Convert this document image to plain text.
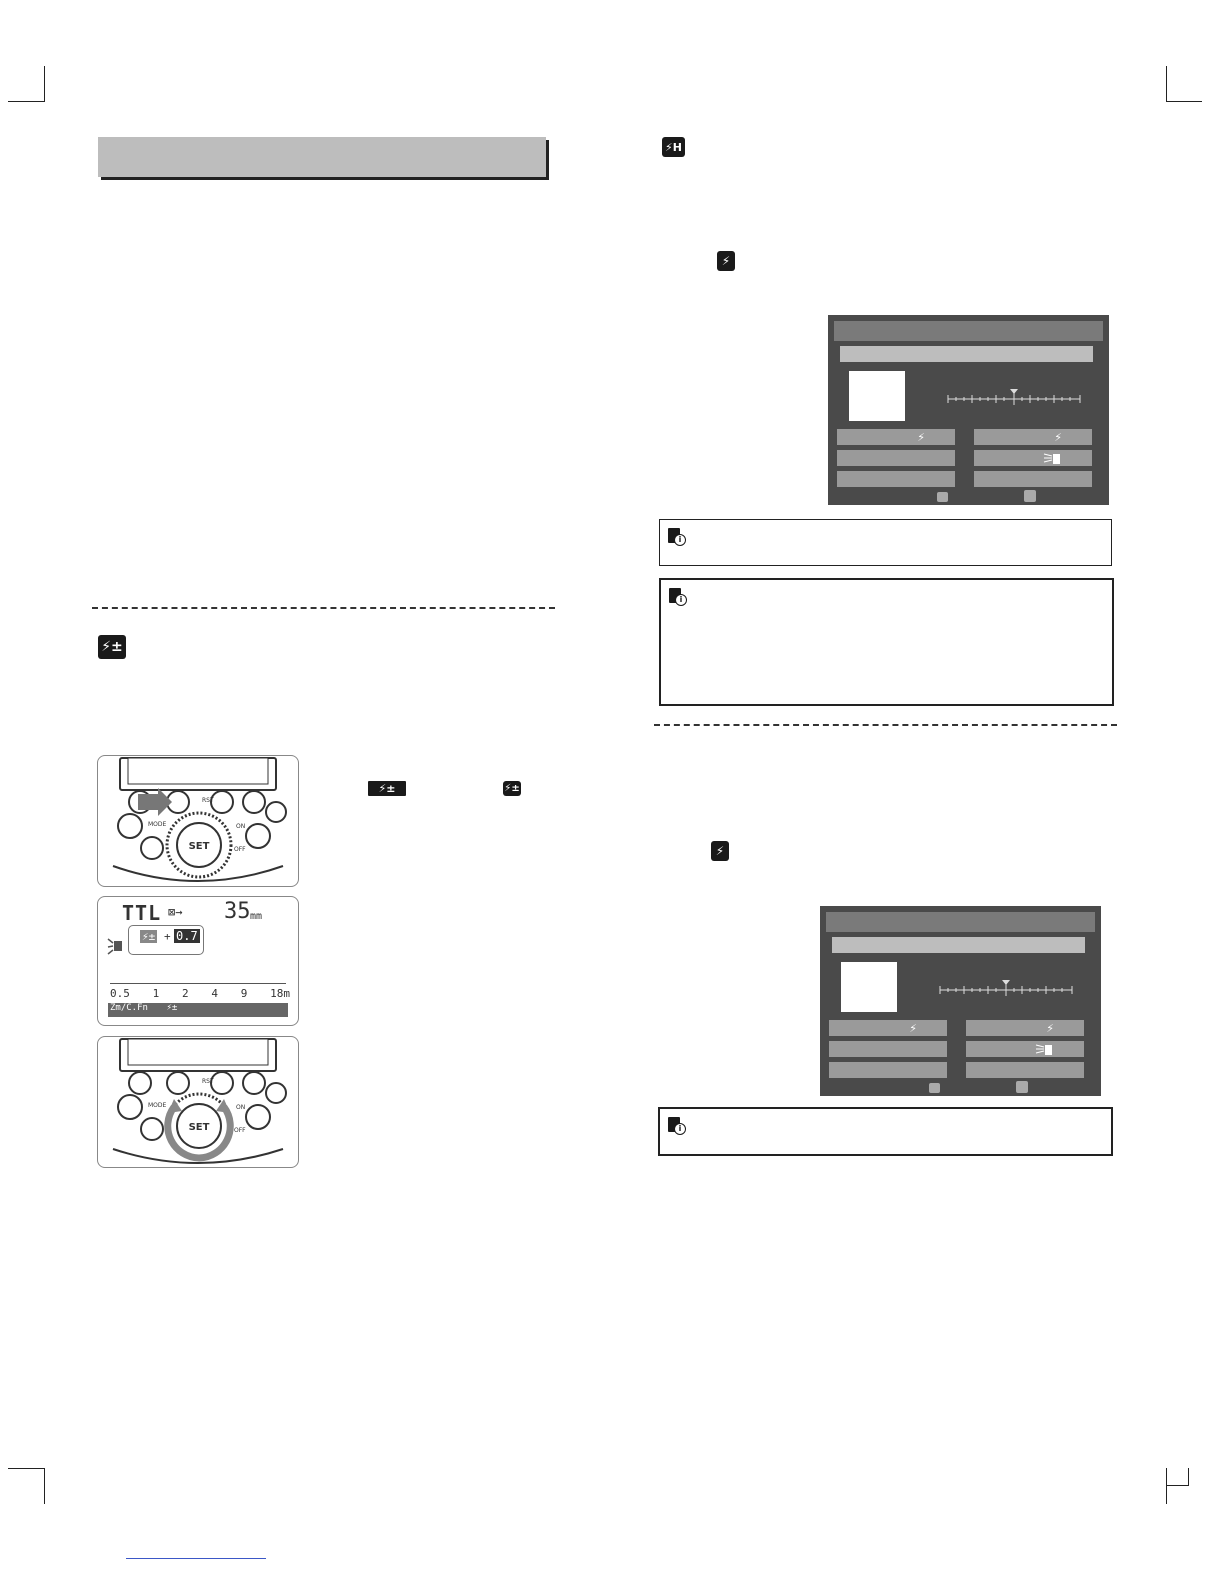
⚡±
SET
RST
MODE	ON
OFF
TTL ⊠→ 35 mm
⚡± + 0.7
0.5 1 2 4 9 18m
Zm/C.Fn	⚡±
SET
RST
MODE	ON
OFF
⚡±	⚡±
⚡H
⚡
⚡	⚡
i
i
⚡
⚡	⚡
i
